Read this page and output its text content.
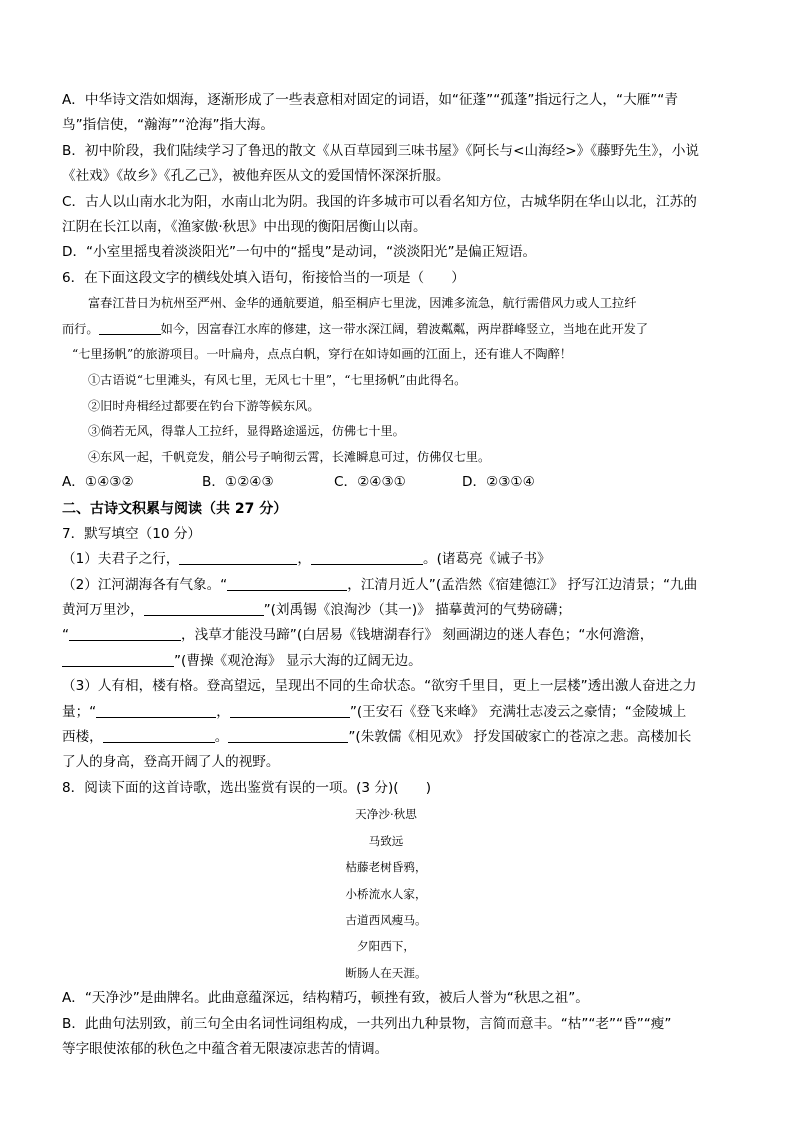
A．中华诗文浩如烟海，逐渐形成了一些表意相对固定的词语，如“征蓬”“孤蓬”指远行之人，“大雁”“青
鸟”指信使，“瀚海”“沧海”指大海。
B．初中阶段，我们陆续学习了鲁迅的散文《从百草园到三味书屋》《阿长与<山海经>》《藤野先生》，小说
《社戏》《故乡》《孔乙己》，被他弃医从文的爱国情怀深深折服。
C．古人以山南水北为阳，水南山北为阴。我国的许多城市可以看名知方位，古城华阴在华山以北，江苏的
江阴在长江以南，《渔家傲·秋思》中出现的衡阳居衡山以南。
D．“小室里摇曳着淡淡阳光”一句中的“摇曳”是动词，“淡淡阳光”是偏正短语。
6．在下面这段文字的横线处填入语句，衔接恰当的一项是（　　）
富春江昔日为杭州至严州、金华的通航要道，船至桐庐七里泷，因滩多流急，航行需借风力或人工拉纤
而行。	如今，因富春江水库的修建，这一带水深江阔，碧波粼粼，两岸群峰竖立，当地在此开发了
“七里扬帆”的旅游项目。一叶扁舟，点点白帆，穿行在如诗如画的江面上，还有谁人不陶醉！
①古语说“七里滩头，有风七里，无风七十里”，“七里扬帆”由此得名。
②旧时舟楫经过都要在钓台下游等候东风。
③倘若无风，得靠人工拉纤，显得路途遥远，仿佛七十里。
④东风一起，千帆竞发，艄公号子响彻云霄，长滩瞬息可过，仿佛仅七里。
A．①④③②	B．①②④③	C．②④③①	D．②③①④
二、古诗文积累与阅读（共 27 分）
7．默写填空（10 分）
（1）夫君子之行，	，	。(诸葛亮《诫子书》
（2）江河湖海各有气象。“	，江清月近人”(孟浩然《宿建德江》 抒写江边清景；“九曲
黄河万里沙，	”(刘禹锡《浪淘沙（其一)》 描摹黄河的气势磅礴；
“	，浅草才能没马蹄”(白居易《钱塘湖春行》 刻画湖边的迷人春色；“水何澹澹，
”(曹操《观沧海》 显示大海的辽阔无边。
（3）人有相，楼有格。登高望远，呈现出不同的生命状态。“欲穷千里目，更上一层楼”透出激人奋进之力
量；“	，	”(王安石《登飞来峰》 充满壮志凌云之豪情；“金陵城上
西楼，	。	”(朱敦儒《相见欢》 抒发国破家亡的苍凉之悲。高楼加长
了人的身高，登高开阔了人的视野。
8．阅读下面的这首诗歌，选出鉴赏有误的一项。(3 分)(　　)
天净沙·秋思
马致远
枯藤老树昏鸦，
小桥流水人家，
古道西风瘦马。
夕阳西下，
断肠人在天涯。
A．“天净沙”是曲牌名。此曲意蕴深远，结构精巧，顿挫有致，被后人誉为“秋思之祖”。
B．此曲句法别致，前三句全由名词性词组构成，一共列出九种景物，言简而意丰。“枯”“老”“昏”“瘦”
等字眼使浓郁的秋色之中蕴含着无限凄凉悲苦的情调。
